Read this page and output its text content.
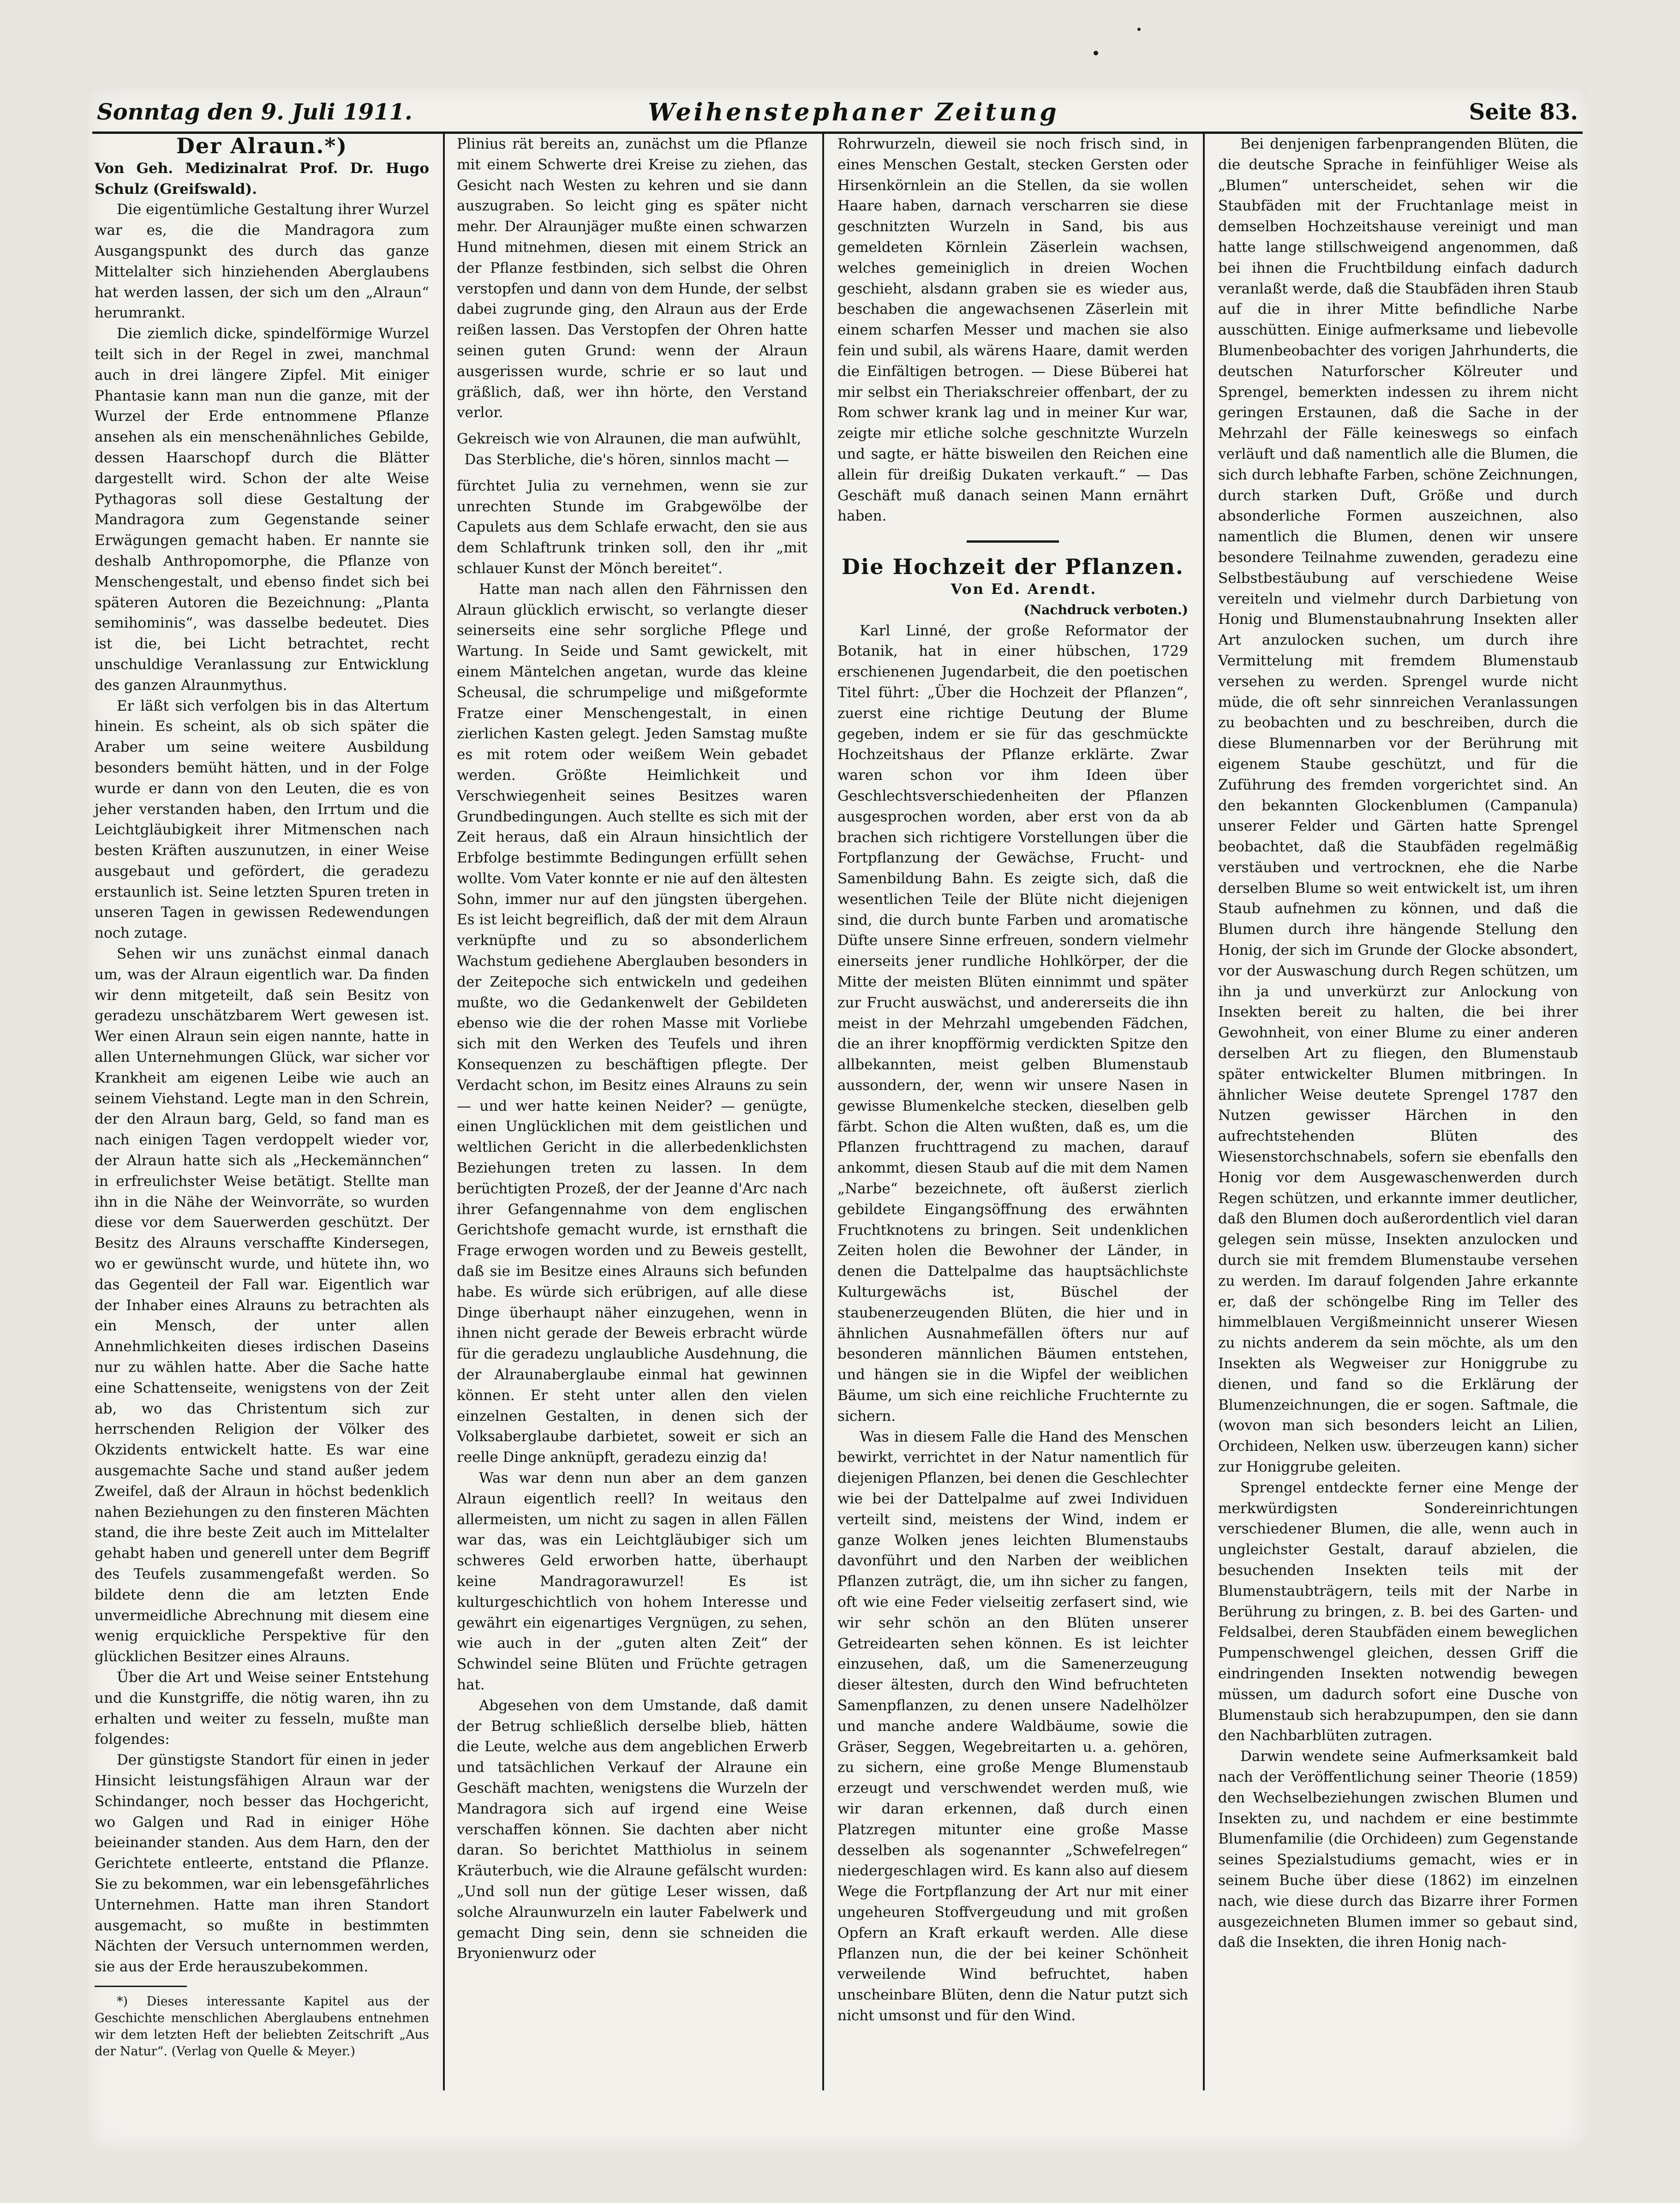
Sonntag den 9. Juli 1911.	Weihenstephaner Zeitung	Seite 83.
Der Alraun.*)

Von Geh. Medizinalrat Prof. Dr. Hugo Schulz (Greifswald).

Die eigentümliche Gestaltung ihrer Wurzel war es, die die Mandragora zum Ausgangspunkt des durch das ganze Mittelalter sich hinziehenden Aberglaubens hat werden lassen, der sich um den „Alraun“ herumrankt.

Die ziemlich dicke, spindelförmige Wurzel teilt sich in der Regel in zwei, manchmal auch in drei längere Zipfel. Mit einiger Phantasie kann man nun die ganze, mit der Wurzel der Erde entnommene Pflanze ansehen als ein menschenähnliches Gebilde, dessen Haarschopf durch die Blätter dargestellt wird. Schon der alte Weise Pythagoras soll diese Gestaltung der Mandragora zum Gegenstande seiner Erwägungen gemacht haben. Er nannte sie deshalb Anthropomorphe, die Pflanze von Menschengestalt, und ebenso findet sich bei späteren Autoren die Bezeichnung: „Planta semihominis“, was dasselbe bedeutet. Dies ist die, bei Licht betrachtet, recht unschuldige Veranlassung zur Entwicklung des ganzen Alraunmythus.

Er läßt sich verfolgen bis in das Altertum hinein. Es scheint, als ob sich später die Araber um seine weitere Ausbildung besonders bemüht hätten, und in der Folge wurde er dann von den Leuten, die es von jeher verstanden haben, den Irrtum und die Leichtgläubigkeit ihrer Mitmenschen nach besten Kräften auszunutzen, in einer Weise ausgebaut und gefördert, die geradezu erstaunlich ist. Seine letzten Spuren treten in unseren Tagen in gewissen Redewendungen noch zutage.

Sehen wir uns zunächst einmal danach um, was der Alraun eigentlich war. Da finden wir denn mitgeteilt, daß sein Besitz von geradezu unschätzbarem Wert gewesen ist. Wer einen Alraun sein eigen nannte, hatte in allen Unternehmungen Glück, war sicher vor Krankheit am eigenen Leibe wie auch an seinem Viehstand. Legte man in den Schrein, der den Alraun barg, Geld, so fand man es nach einigen Tagen verdoppelt wieder vor, der Alraun hatte sich als „Heckemännchen“ in erfreulichster Weise betätigt. Stellte man ihn in die Nähe der Weinvorräte, so wurden diese vor dem Sauerwerden geschützt. Der Besitz des Alrauns verschaffte Kindersegen, wo er gewünscht wurde, und hütete ihn, wo das Gegenteil der Fall war. Eigentlich war der Inhaber eines Alrauns zu betrachten als ein Mensch, der unter allen Annehmlichkeiten dieses irdischen Daseins nur zu wählen hatte. Aber die Sache hatte eine Schattenseite, wenigstens von der Zeit ab, wo das Christentum sich zur herrschenden Religion der Völker des Okzidents entwickelt hatte. Es war eine ausgemachte Sache und stand außer jedem Zweifel, daß der Alraun in höchst bedenklich nahen Beziehungen zu den finsteren Mächten stand, die ihre beste Zeit auch im Mittelalter gehabt haben und generell unter dem Begriff des Teufels zusammengefaßt werden. So bildete denn die am letzten Ende unvermeidliche Abrechnung mit diesem eine wenig erquickliche Perspektive für den glücklichen Besitzer eines Alrauns.

Über die Art und Weise seiner Entstehung und die Kunstgriffe, die nötig waren, ihn zu erhalten und weiter zu fesseln, mußte man folgendes:

Der günstigste Standort für einen in jeder Hinsicht leistungsfähigen Alraun war der Schindanger, noch besser das Hochgericht, wo Galgen und Rad in einiger Höhe beieinander standen. Aus dem Harn, den der Gerichtete entleerte, entstand die Pflanze. Sie zu bekommen, war ein lebensgefährliches Unternehmen. Hatte man ihren Standort ausgemacht, so mußte in bestimmten Nächten der Versuch unternommen werden, sie aus der Erde herauszubekommen.

*) Dieses interessante Kapitel aus der Geschichte menschlichen Aberglaubens entnehmen wir dem letzten Heft der beliebten Zeitschrift „Aus der Natur“. (Verlag von Quelle & Meyer.)

Plinius rät bereits an, zunächst um die Pflanze mit einem Schwerte drei Kreise zu ziehen, das Gesicht nach Westen zu kehren und sie dann auszugraben. So leicht ging es später nicht mehr. Der Alraunjäger mußte einen schwarzen Hund mitnehmen, diesen mit einem Strick an der Pflanze festbinden, sich selbst die Ohren verstopfen und dann von dem Hunde, der selbst dabei zugrunde ging, den Alraun aus der Erde reißen lassen. Das Verstopfen der Ohren hatte seinen guten Grund: wenn der Alraun ausgerissen wurde, schrie er so laut und gräßlich, daß, wer ihn hörte, den Verstand verlor.

Gekreisch wie von Alraunen, die man aufwühlt,
Das Sterbliche, die's hören, sinnlos macht —

fürchtet Julia zu vernehmen, wenn sie zur unrechten Stunde im Grabgewölbe der Capulets aus dem Schlafe erwacht, den sie aus dem Schlaftrunk trinken soll, den ihr „mit schlauer Kunst der Mönch bereitet“.

Hatte man nach allen den Fährnissen den Alraun glücklich erwischt, so verlangte dieser seinerseits eine sehr sorgliche Pflege und Wartung. In Seide und Samt gewickelt, mit einem Mäntelchen angetan, wurde das kleine Scheusal, die schrumpelige und mißgeformte Fratze einer Menschengestalt, in einen zierlichen Kasten gelegt. Jeden Samstag mußte es mit rotem oder weißem Wein gebadet werden. Größte Heimlichkeit und Verschwiegenheit seines Besitzes waren Grundbedingungen. Auch stellte es sich mit der Zeit heraus, daß ein Alraun hinsichtlich der Erbfolge bestimmte Bedingungen erfüllt sehen wollte. Vom Vater konnte er nie auf den ältesten Sohn, immer nur auf den jüngsten übergehen. Es ist leicht begreiflich, daß der mit dem Alraun verknüpfte und zu so absonderlichem Wachstum gediehene Aberglauben besonders in der Zeitepoche sich entwickeln und gedeihen mußte, wo die Gedankenwelt der Gebildeten ebenso wie die der rohen Masse mit Vorliebe sich mit den Werken des Teufels und ihren Konsequenzen zu beschäftigen pflegte. Der Verdacht schon, im Besitz eines Alrauns zu sein — und wer hatte keinen Neider? — genügte, einen Unglücklichen mit dem geistlichen und weltlichen Gericht in die allerbedenklichsten Beziehungen treten zu lassen. In dem berüchtigten Prozeß, der der Jeanne d'Arc nach ihrer Gefangennahme von dem englischen Gerichtshofe gemacht wurde, ist ernsthaft die Frage erwogen worden und zu Beweis gestellt, daß sie im Besitze eines Alrauns sich befunden habe. Es würde sich erübrigen, auf alle diese Dinge überhaupt näher einzugehen, wenn in ihnen nicht gerade der Beweis erbracht würde für die geradezu unglaubliche Ausdehnung, die der Alraunaberglaube einmal hat gewinnen können. Er steht unter allen den vielen einzelnen Gestalten, in denen sich der Volksaberglaube darbietet, soweit er sich an reelle Dinge anknüpft, geradezu einzig da!

Was war denn nun aber an dem ganzen Alraun eigentlich reell? In weitaus den allermeisten, um nicht zu sagen in allen Fällen war das, was ein Leichtgläubiger sich um schweres Geld erworben hatte, überhaupt keine Mandragorawurzel! Es ist kulturgeschichtlich von hohem Interesse und gewährt ein eigenartiges Vergnügen, zu sehen, wie auch in der „guten alten Zeit“ der Schwindel seine Blüten und Früchte getragen hat.

Abgesehen von dem Umstande, daß damit der Betrug schließlich derselbe blieb, hätten die Leute, welche aus dem angeblichen Erwerb und tatsächlichen Verkauf der Alraune ein Geschäft machten, wenigstens die Wurzeln der Mandragora sich auf irgend eine Weise verschaffen können. Sie dachten aber nicht daran. So berichtet Matthiolus in seinem Kräuterbuch, wie die Alraune gefälscht wurden: „Und soll nun der gütige Leser wissen, daß solche Alraunwurzeln ein lauter Fabelwerk und gemacht Ding sein, denn sie schneiden die Bryonienwurz oder

Rohrwurzeln, dieweil sie noch frisch sind, in eines Menschen Gestalt, stecken Gersten oder Hirsenkörnlein an die Stellen, da sie wollen Haare haben, darnach verscharren sie diese geschnitzten Wurzeln in Sand, bis aus gemeldeten Körnlein Zäserlein wachsen, welches gemeiniglich in dreien Wochen geschieht, alsdann graben sie es wieder aus, beschaben die angewachsenen Zäserlein mit einem scharfen Messer und machen sie also fein und subil, als wärens Haare, damit werden die Einfältigen betrogen. — Diese Büberei hat mir selbst ein Theriakschreier offenbart, der zu Rom schwer krank lag und in meiner Kur war, zeigte mir etliche solche geschnitzte Wurzeln und sagte, er hätte bisweilen den Reichen eine allein für dreißig Dukaten verkauft.“ — Das Geschäft muß danach seinen Mann ernährt haben.

Die Hochzeit der Pflanzen.

Von Ed. Arendt.

(Nachdruck verboten.)

Karl Linné, der große Reformator der Botanik, hat in einer hübschen, 1729 erschienenen Jugendarbeit, die den poetischen Titel führt: „Über die Hochzeit der Pflanzen“, zuerst eine richtige Deutung der Blume gegeben, indem er sie für das geschmückte Hochzeitshaus der Pflanze erklärte. Zwar waren schon vor ihm Ideen über Geschlechtsverschiedenheiten der Pflanzen ausgesprochen worden, aber erst von da ab brachen sich richtigere Vorstellungen über die Fortpflanzung der Gewächse, Frucht- und Samenbildung Bahn. Es zeigte sich, daß die wesentlichen Teile der Blüte nicht diejenigen sind, die durch bunte Farben und aromatische Düfte unsere Sinne erfreuen, sondern vielmehr einerseits jener rundliche Hohlkörper, der die Mitte der meisten Blüten einnimmt und später zur Frucht auswächst, und andererseits die ihn meist in der Mehrzahl umgebenden Fädchen, die an ihrer knopfförmig verdickten Spitze den allbekannten, meist gelben Blumenstaub aussondern, der, wenn wir unsere Nasen in gewisse Blumenkelche stecken, dieselben gelb färbt. Schon die Alten wußten, daß es, um die Pflanzen fruchttragend zu machen, darauf ankommt, diesen Staub auf die mit dem Namen „Narbe“ bezeichnete, oft äußerst zierlich gebildete Eingangsöffnung des erwähnten Fruchtknotens zu bringen. Seit undenklichen Zeiten holen die Bewohner der Länder, in denen die Dattelpalme das hauptsächlichste Kulturgewächs ist, Büschel der staubenerzeugenden Blüten, die hier und in ähnlichen Ausnahmefällen öfters nur auf besonderen männlichen Bäumen entstehen, und hängen sie in die Wipfel der weiblichen Bäume, um sich eine reichliche Fruchternte zu sichern.

Was in diesem Falle die Hand des Menschen bewirkt, verrichtet in der Natur namentlich für diejenigen Pflanzen, bei denen die Geschlechter wie bei der Dattelpalme auf zwei Individuen verteilt sind, meistens der Wind, indem er ganze Wolken jenes leichten Blumenstaubs davonführt und den Narben der weiblichen Pflanzen zuträgt, die, um ihn sicher zu fangen, oft wie eine Feder vielseitig zerfasert sind, wie wir sehr schön an den Blüten unserer Getreidearten sehen können. Es ist leichter einzusehen, daß, um die Samenerzeugung dieser ältesten, durch den Wind befruchteten Samenpflanzen, zu denen unsere Nadelhölzer und manche andere Waldbäume, sowie die Gräser, Seggen, Wegebreitarten u. a. gehören, zu sichern, eine große Menge Blumenstaub erzeugt und verschwendet werden muß, wie wir daran erkennen, daß durch einen Platzregen mitunter eine große Masse desselben als sogenannter „Schwefelregen“ niedergeschlagen wird. Es kann also auf diesem Wege die Fortpflanzung der Art nur mit einer ungeheuren Stoffvergeudung und mit großen Opfern an Kraft erkauft werden. Alle diese Pflanzen nun, die der bei keiner Schönheit verweilende Wind befruchtet, haben unscheinbare Blüten, denn die Natur putzt sich nicht umsonst und für den Wind.

Bei denjenigen farbenprangenden Blüten, die die deutsche Sprache in feinfühliger Weise als „Blumen“ unterscheidet, sehen wir die Staubfäden mit der Fruchtanlage meist in demselben Hochzeitshause vereinigt und man hatte lange stillschweigend angenommen, daß bei ihnen die Fruchtbildung einfach dadurch veranlaßt werde, daß die Staubfäden ihren Staub auf die in ihrer Mitte befindliche Narbe ausschütten. Einige aufmerksame und liebevolle Blumenbeobachter des vorigen Jahrhunderts, die deutschen Naturforscher Kölreuter und Sprengel, bemerkten indessen zu ihrem nicht geringen Erstaunen, daß die Sache in der Mehrzahl der Fälle keineswegs so einfach verläuft und daß namentlich alle die Blumen, die sich durch lebhafte Farben, schöne Zeichnungen, durch starken Duft, Größe und durch absonderliche Formen auszeichnen, also namentlich die Blumen, denen wir unsere besondere Teilnahme zuwenden, geradezu eine Selbstbestäubung auf verschiedene Weise vereiteln und vielmehr durch Darbietung von Honig und Blumenstaubnahrung Insekten aller Art anzulocken suchen, um durch ihre Vermittelung mit fremdem Blumenstaub versehen zu werden. Sprengel wurde nicht müde, die oft sehr sinnreichen Veranlassungen zu beobachten und zu beschreiben, durch die diese Blumennarben vor der Berührung mit eigenem Staube geschützt, und für die Zuführung des fremden vorgerichtet sind. An den bekannten Glockenblumen (Campanula) unserer Felder und Gärten hatte Sprengel beobachtet, daß die Staubfäden regelmäßig verstäuben und vertrocknen, ehe die Narbe derselben Blume so weit entwickelt ist, um ihren Staub aufnehmen zu können, und daß die Blumen durch ihre hängende Stellung den Honig, der sich im Grunde der Glocke absondert, vor der Auswaschung durch Regen schützen, um ihn ja und unverkürzt zur Anlockung von Insekten bereit zu halten, die bei ihrer Gewohnheit, von einer Blume zu einer anderen derselben Art zu fliegen, den Blumenstaub später entwickelter Blumen mitbringen. In ähnlicher Weise deutete Sprengel 1787 den Nutzen gewisser Härchen in den aufrechtstehenden Blüten des Wiesenstorchschnabels, sofern sie ebenfalls den Honig vor dem Ausgewaschenwerden durch Regen schützen, und erkannte immer deutlicher, daß den Blumen doch außerordentlich viel daran gelegen sein müsse, Insekten anzulocken und durch sie mit fremdem Blumenstaube versehen zu werden. Im darauf folgenden Jahre erkannte er, daß der schöngelbe Ring im Teller des himmelblauen Vergißmeinnicht unserer Wiesen zu nichts anderem da sein möchte, als um den Insekten als Wegweiser zur Honiggrube zu dienen, und fand so die Erklärung der Blumenzeichnungen, die er sogen. Saftmale, die (wovon man sich besonders leicht an Lilien, Orchideen, Nelken usw. überzeugen kann) sicher zur Honiggrube geleiten.

Sprengel entdeckte ferner eine Menge der merkwürdigsten Sondereinrichtungen verschiedener Blumen, die alle, wenn auch in ungleichster Gestalt, darauf abzielen, die besuchenden Insekten teils mit der Blumenstaubträgern, teils mit der Narbe in Berührung zu bringen, z. B. bei des Garten- und Feldsalbei, deren Staubfäden einem beweglichen Pumpenschwengel gleichen, dessen Griff die eindringenden Insekten notwendig bewegen müssen, um dadurch sofort eine Dusche von Blumenstaub sich herabzupumpen, den sie dann den Nachbarblüten zutragen.

Darwin wendete seine Aufmerksamkeit bald nach der Veröffentlichung seiner Theorie (1859) den Wechselbeziehungen zwischen Blumen und Insekten zu, und nachdem er eine bestimmte Blumenfamilie (die Orchideen) zum Gegenstande seines Spezialstudiums gemacht, wies er in seinem Buche über diese (1862) im einzelnen nach, wie diese durch das Bizarre ihrer Formen ausgezeichneten Blumen immer so gebaut sind, daß die Insekten, die ihren Honig nach-
